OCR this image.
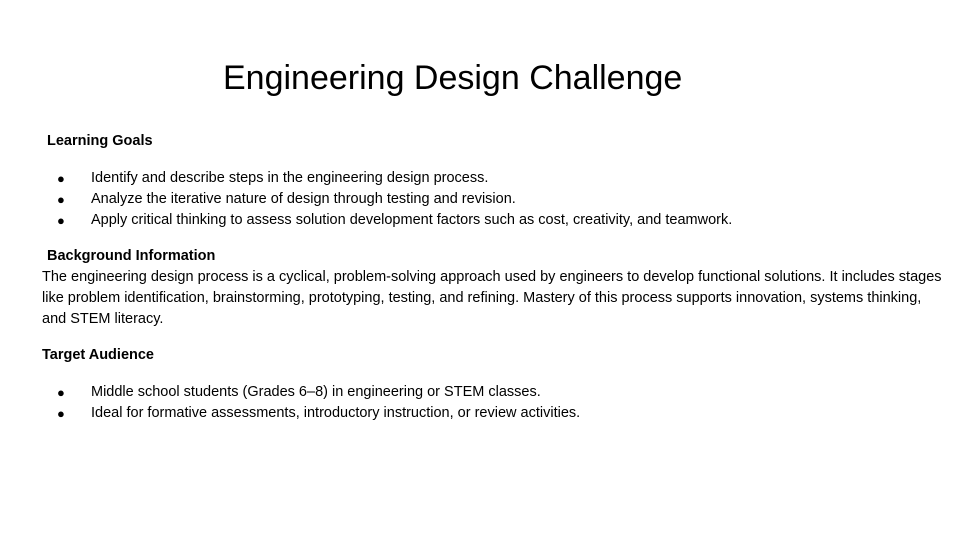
Engineering Design Challenge

Learning Goals

● Identify and describe steps in the engineering design process.
● Analyze the iterative nature of design through testing and revision.
● Apply critical thinking to assess solution development factors such as cost, creativity, and teamwork.

Background Information

The engineering design process is a cyclical, problem-solving approach used by engineers to develop functional solutions. It includes stages like problem identification, brainstorming, prototyping, testing, and refining. Mastery of this process supports innovation, systems thinking, and STEM literacy.

Target Audience

● Middle school students (Grades 6–8) in engineering or STEM classes.
● Ideal for formative assessments, introductory instruction, or review activities.
